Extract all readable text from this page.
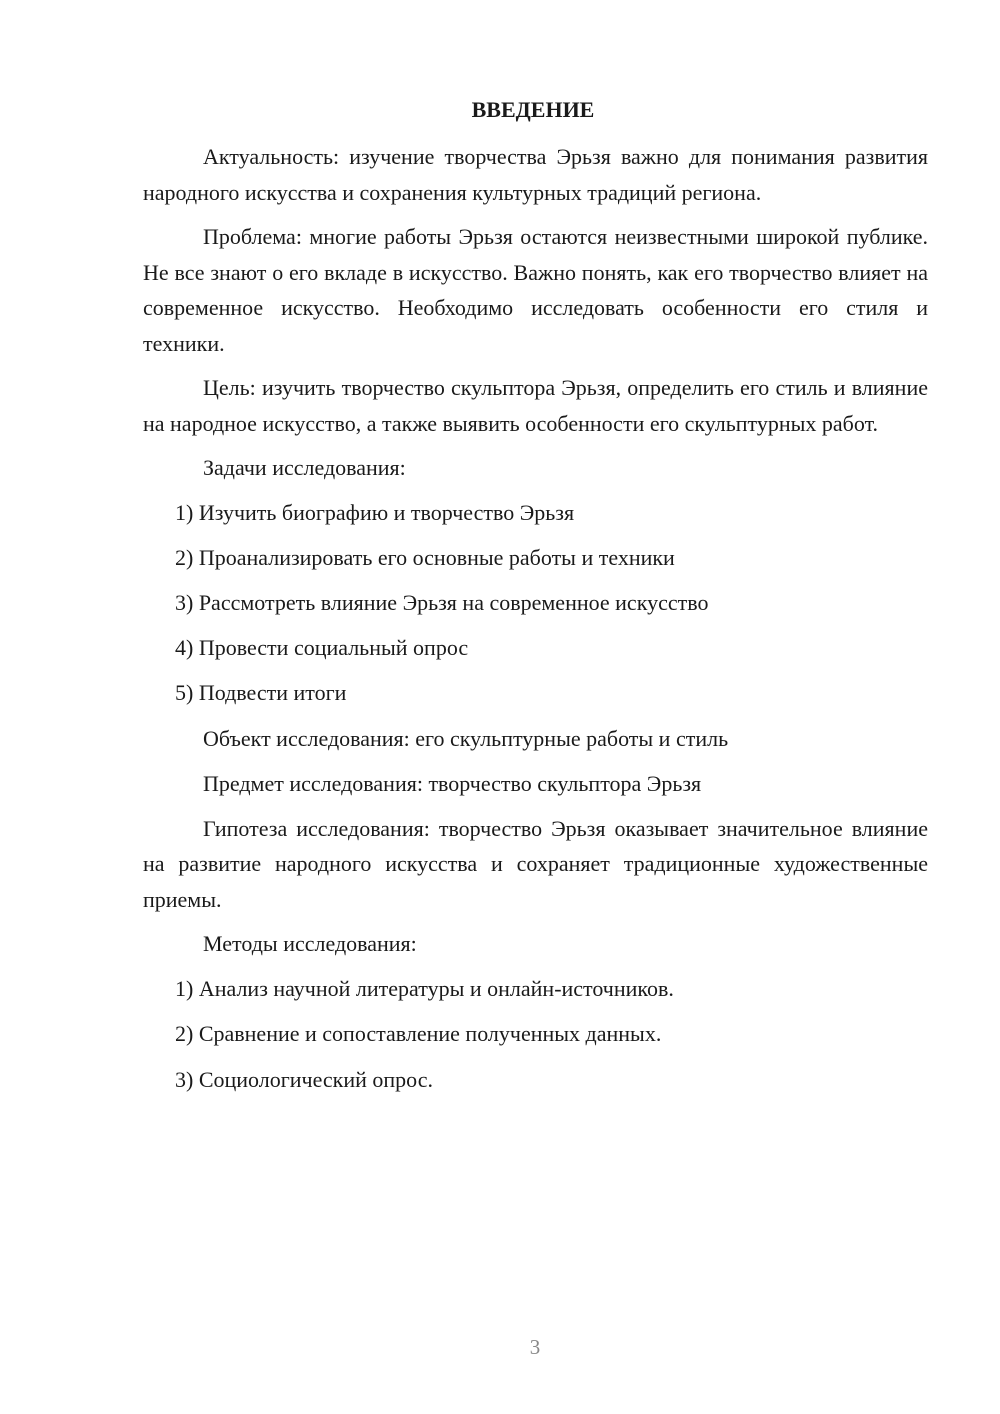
ВВЕДЕНИЕ

Актуальность: изучение творчества Эрьзя важно для понимания развития народного искусства и сохранения культурных традиций региона.

Проблема: многие работы Эрьзя остаются неизвестными широкой публике. Не все знают о его вкладе в искусство. Важно понять, как его творчество влияет на современное искусство. Необходимо исследовать особенности его стиля и техники.

Цель: изучить творчество скульптора Эрьзя, определить его стиль и влияние на народное искусство, а также выявить особенности его скульптурных работ.

Задачи исследования:
1) Изучить биографию и творчество Эрьзя
2) Проанализировать его основные работы и техники
3) Рассмотреть влияние Эрьзя на современное искусство
4) Провести социальный опрос
5) Подвести итоги
Объект исследования: его скульптурные работы и стиль
Предмет исследования: творчество скульптора Эрьзя

Гипотеза исследования: творчество Эрьзя оказывает значительное влияние на развитие народного искусства и сохраняет традиционные художественные приемы.

Методы исследования:
1) Анализ научной литературы и онлайн-источников.
2) Сравнение и сопоставление полученных данных.
3) Социологический опрос.
3
